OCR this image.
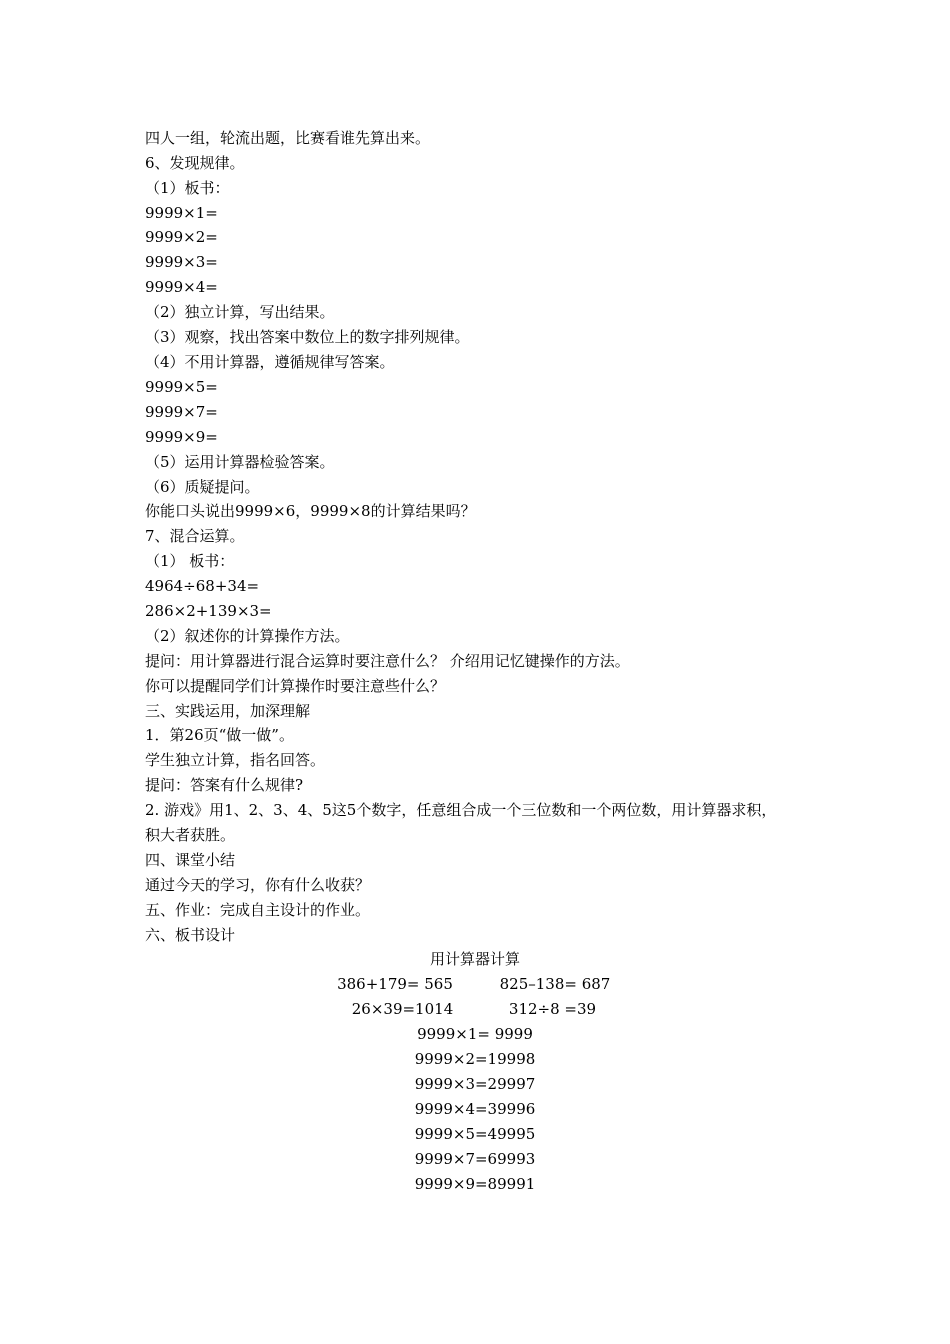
四人一组，轮流出题，比赛看谁先算出来。
6、发现规律。
（1）板书：
9999×1=
9999×2=
9999×3=
9999×4=
（2）独立计算，写出结果。
（3）观察，找出答案中数位上的数字排列规律。
（4）不用计算器，遵循规律写答案。
9999×5=
9999×7=
9999×9=
（5）运用计算器检验答案。
（6）质疑提问。
你能口头说出9999×6，9999×8的计算结果吗？
7、混合运算。
（1） 板书：
4964÷68+34=
286×2+139×3=
（2）叙述你的计算操作方法。
提问：用计算器进行混合运算时要注意什么？ 介绍用记忆键操作的方法。
你可以提醒同学们计算操作时要注意些什么？
三、实践运用，加深理解
1．第26页“做一做”。
学生独立计算，指名回答。
提问：答案有什么规律?
2. 游戏》用1、2、3、4、5这5个数字，任意组合成一个三位数和一个两位数，用计算器求积，
积大者获胜。
四、课堂小结
通过今天的学习，你有什么收获？
五、作业：完成自主设计的作业。
六、板书设计
用计算器计算
386+179= 565	825–138= 687
26×39=1014	312÷8 =39
9999×1= 9999
9999×2=19998
9999×3=29997
9999×4=39996
9999×5=49995
9999×7=69993
9999×9=89991
